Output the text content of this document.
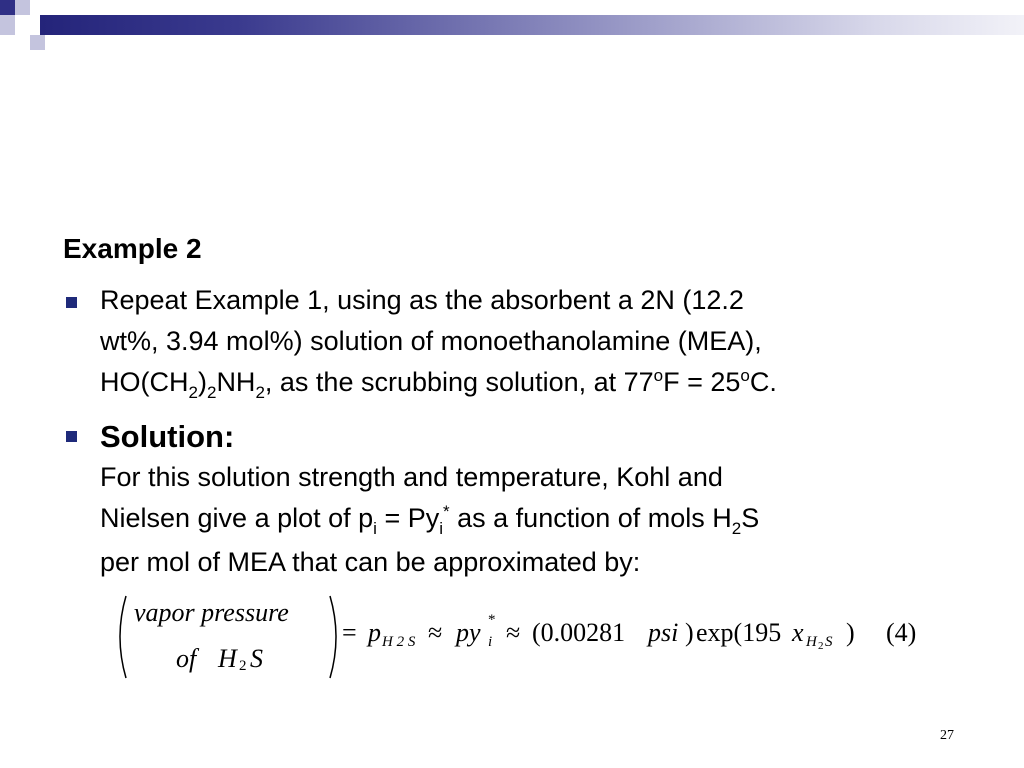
Example 2
Repeat Example 1, using as the absorbent a 2N (12.2
wt%, 3.94 mol%) solution of monoethanolamine (MEA),
$HO(CH_2)_2NH_2$, as the scrubbing solution, at $77^oF = 25^oC$.
Solution:
For this solution strength and temperature, Kohl and
Nielsen give a plot of $p_i = Py_i^*$ as a function of mols $H_2S$
per mol of MEA that can be approximated by:
vapor pressure
of H 2 S
= p H 2 S ≈ py *
i ≈ (0.00281 psi ) exp(195 x H 2 S ) (4)
27
